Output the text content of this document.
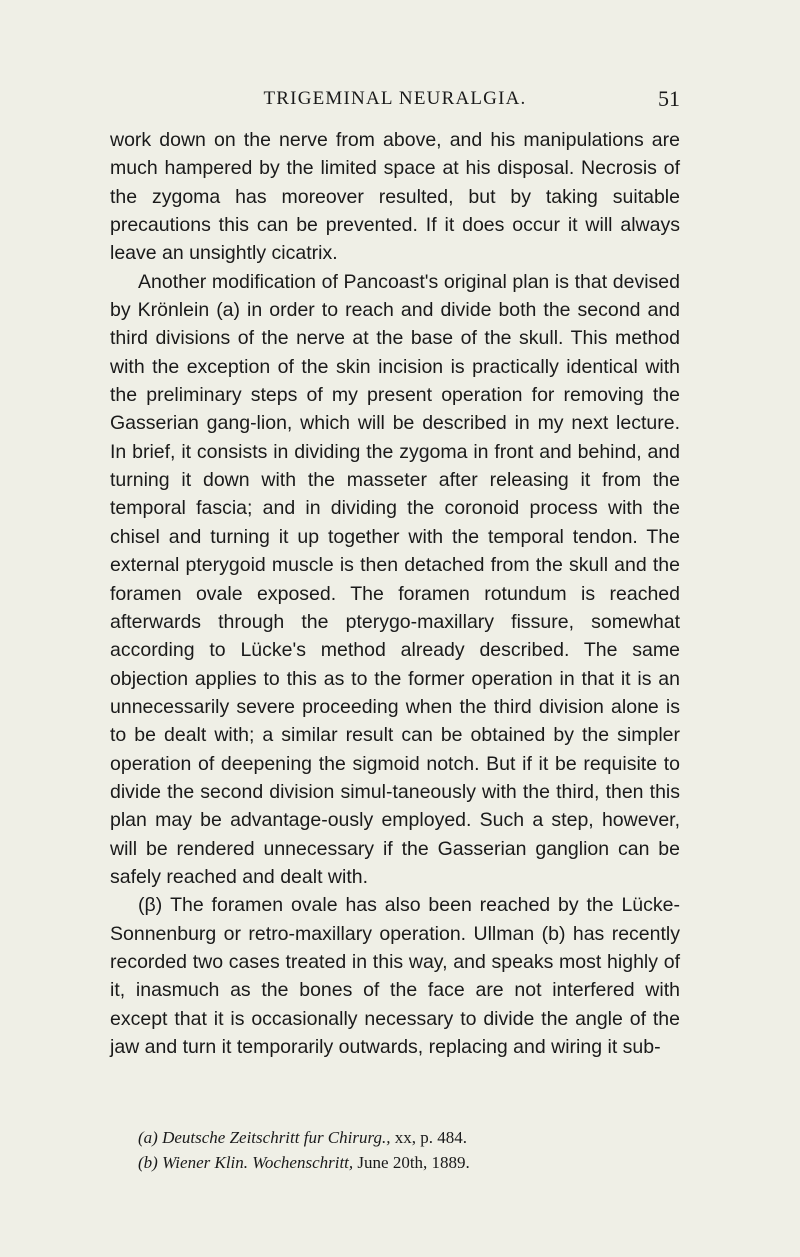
TRIGEMINAL NEURALGIA.	51

work down on the nerve from above, and his manipulations are much hampered by the limited space at his disposal. Necrosis of the zygoma has moreover resulted, but by taking suitable precautions this can be prevented. If it does occur it will always leave an unsightly cicatrix.

Another modification of Pancoast's original plan is that devised by Krönlein (a) in order to reach and divide both the second and third divisions of the nerve at the base of the skull. This method with the exception of the skin incision is practically identical with the preliminary steps of my present operation for removing the Gasserian gang-lion, which will be described in my next lecture. In brief, it consists in dividing the zygoma in front and behind, and turning it down with the masseter after releasing it from the temporal fascia; and in dividing the coronoid process with the chisel and turning it up together with the temporal tendon. The external pterygoid muscle is then detached from the skull and the foramen ovale exposed. The foramen rotundum is reached afterwards through the pterygo-maxillary fissure, somewhat according to Lücke's method already described. The same objection applies to this as to the former operation in that it is an unnecessarily severe proceeding when the third division alone is to be dealt with; a similar result can be obtained by the simpler operation of deepening the sigmoid notch. But if it be requisite to divide the second division simul-taneously with the third, then this plan may be advantage-ously employed. Such a step, however, will be rendered unnecessary if the Gasserian ganglion can be safely reached and dealt with.

(β) The foramen ovale has also been reached by the Lücke-Sonnenburg or retro-maxillary operation. Ullman (b) has recently recorded two cases treated in this way, and speaks most highly of it, inasmuch as the bones of the face are not interfered with except that it is occasionally necessary to divide the angle of the jaw and turn it temporarily outwards, replacing and wiring it sub-

(a) Deutsche Zeitschritt fur Chirurg., xx, p. 484.
(b) Wiener Klin. Wochenschritt, June 20th, 1889.
